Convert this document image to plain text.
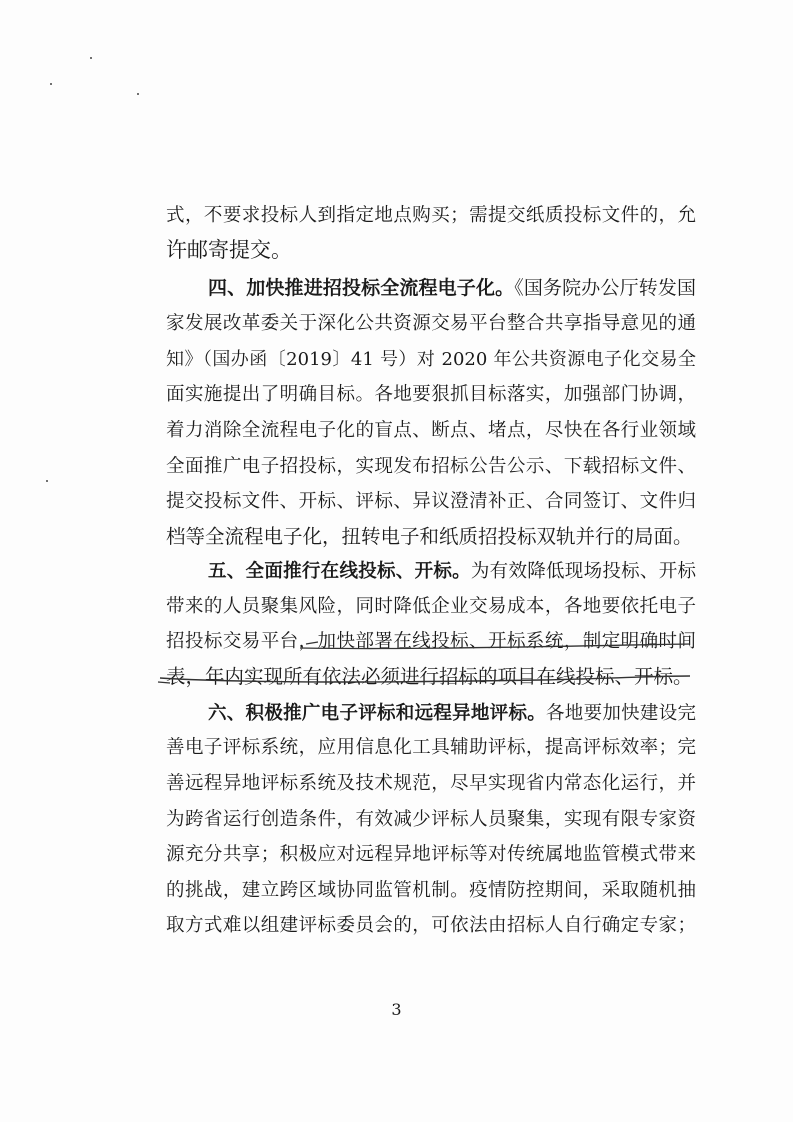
式，不要求投标人到指定地点购买；需提交纸质投标文件的，允
许邮寄提交。
四、加快推进招投标全流程电子化。《国务院办公厅转发国
家发展改革委关于深化公共资源交易平台整合共享指导意见的通
知》（国办函〔2019〕41 号）对 2020 年公共资源电子化交易全
面实施提出了明确目标。各地要狠抓目标落实，加强部门协调，
着力消除全流程电子化的盲点、断点、堵点，尽快在各行业领域
全面推广电子招投标，实现发布招标公告公示、下载招标文件、
提交投标文件、开标、评标、异议澄清补正、合同签订、文件归
档等全流程电子化，扭转电子和纸质招投标双轨并行的局面。
五、全面推行在线投标、开标。为有效降低现场投标、开标
带来的人员聚集风险，同时降低企业交易成本，各地要依托电子
招投标交易平台，加快部署在线投标、开标系统，制定明确时间
表，年内实现所有依法必须进行招标的项目在线投标、开标。
六、积极推广电子评标和远程异地评标。各地要加快建设完
善电子评标系统，应用信息化工具辅助评标，提高评标效率；完
善远程异地评标系统及技术规范，尽早实现省内常态化运行，并
为跨省运行创造条件，有效减少评标人员聚集，实现有限专家资
源充分共享；积极应对远程异地评标等对传统属地监管模式带来
的挑战，建立跨区域协同监管机制。疫情防控期间，采取随机抽
取方式难以组建评标委员会的，可依法由招标人自行确定专家；
3
